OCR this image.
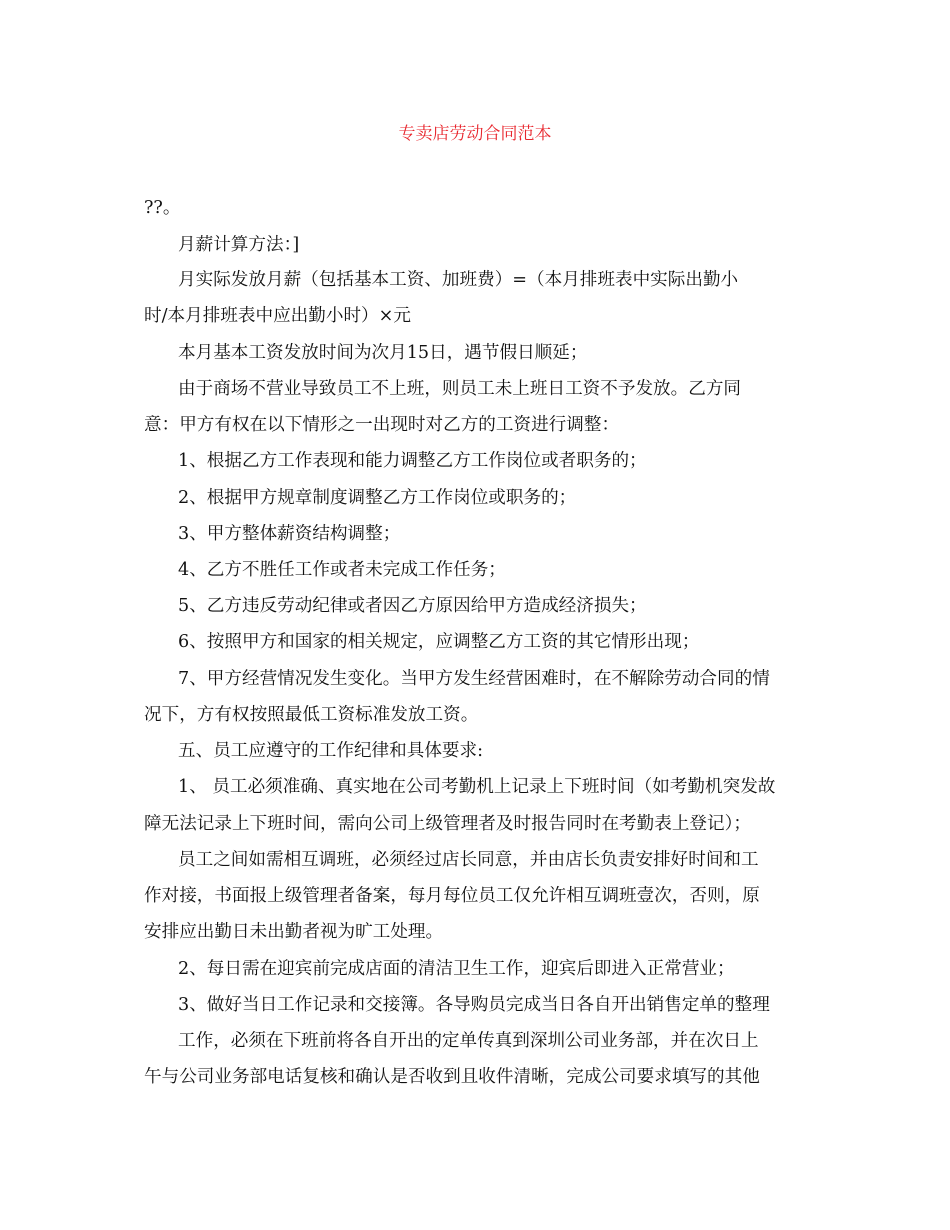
专卖店劳动合同范本
??。
月薪计算方法：]
月实际发放月薪（包括基本工资、加班费）=（本月排班表中实际出勤小
时/本月排班表中应出勤小时）×元
本月基本工资发放时间为次月15日，遇节假日顺延；
由于商场不营业导致员工不上班，则员工未上班日工资不予发放。乙方同
意：甲方有权在以下情形之一出现时对乙方的工资进行调整：
1、根据乙方工作表现和能力调整乙方工作岗位或者职务的；
2、根据甲方规章制度调整乙方工作岗位或职务的；
3、甲方整体薪资结构调整；
4、乙方不胜任工作或者未完成工作任务；
5、乙方违反劳动纪律或者因乙方原因给甲方造成经济损失；
6、按照甲方和国家的相关规定，应调整乙方工资的其它情形出现；
7、甲方经营情况发生变化。当甲方发生经营困难时，在不解除劳动合同的情
况下，方有权按照最低工资标准发放工资。
五、员工应遵守的工作纪律和具体要求:
1、 员工必须准确、真实地在公司考勤机上记录上下班时间（如考勤机突发故
障无法记录上下班时间，需向公司上级管理者及时报告同时在考勤表上登记）；
员工之间如需相互调班，必须经过店长同意，并由店长负责安排好时间和工
作对接，书面报上级管理者备案，每月每位员工仅允许相互调班壹次，否则，原
安排应出勤日未出勤者视为旷工处理。
2、每日需在迎宾前完成店面的清洁卫生工作，迎宾后即进入正常营业；
3、做好当日工作记录和交接簿。各导购员完成当日各自开出销售定单的整理
工作，必须在下班前将各自开出的定单传真到深圳公司业务部，并在次日上
午与公司业务部电话复核和确认是否收到且收件清晰，完成公司要求填写的其他
